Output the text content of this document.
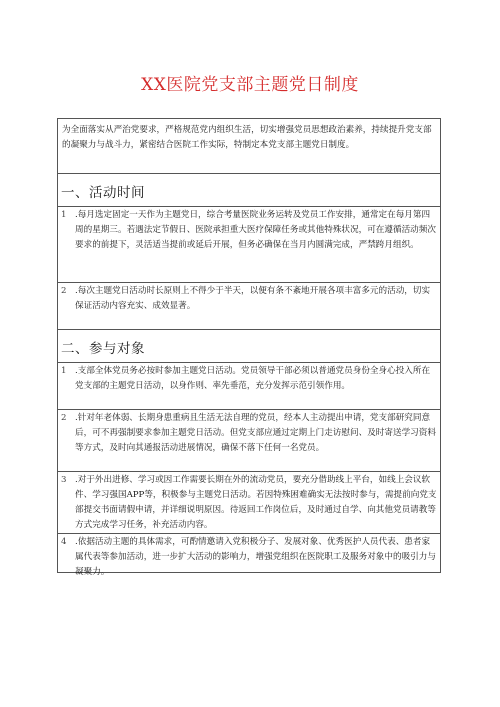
XX医院党支部主题党日制度
为全面落实从严治党要求，严格规范党内组织生活，切实增强党员思想政治素养，持续提升党支部的凝聚力与战斗力，紧密结合医院工作实际，特制定本党支部主题党日制度。
一、活动时间
1 .每月选定固定一天作为主题党日，综合考量医院业务运转及党员工作安排，通常定在每月第四周的星期三。若遇法定节假日、医院承担重大医疗保障任务或其他特殊状况，可在遵循活动频次要求的前提下，灵活适当提前或延后开展，但务必确保在当月内圆满完成，严禁跨月组织。
2 .每次主题党日活动时长原则上不得少于半天，以便有条不紊地开展各项丰富多元的活动，切实保证活动内容充实、成效显著。
二、参与对象
1 .支部全体党员务必按时参加主题党日活动。党员领导干部必须以普通党员身份全身心投入所在党支部的主题党日活动，以身作则、率先垂范，充分发挥示范引领作用。
2 .针对年老体弱、长期身患重病且生活无法自理的党员，经本人主动提出申请，党支部研究同意后，可不再强制要求参加主题党日活动。但党支部应通过定期上门走访慰问、及时寄送学习资料等方式，及时向其通报活动进展情况，确保不落下任何一名党员。
3 .对于外出进修、学习或因工作需要长期在外的流动党员，要充分借助线上平台，如线上会议软件、学习强国APP等，积极参与主题党日活动。若因特殊困难确实无法按时参与，需提前向党支部提交书面请假申请，并详细说明原因。待返回工作岗位后，及时通过自学、向其他党员请教等方式完成学习任务，补充活动内容。
4 .依据活动主题的具体需求，可酌情邀请入党积极分子、发展对象、优秀医护人员代表、患者家属代表等参加活动，进一步扩大活动的影响力，增强党组织在医院职工及服务对象中的吸引力与凝聚力。
